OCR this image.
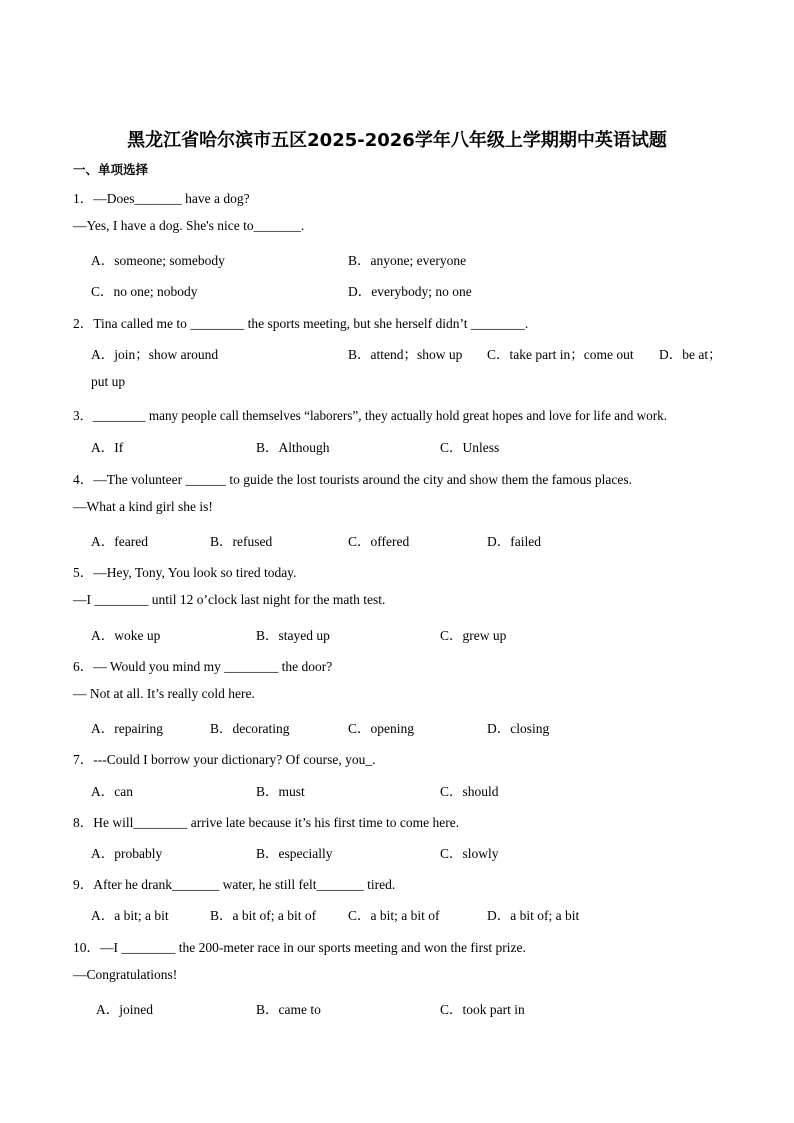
黑龙江省哈尔滨市五区2025-2026学年八年级上学期期中英语试题
一、单项选择
1．—Does_______ have a dog?
—Yes, I have a dog. She's nice to_______.
A．someone; somebody	B．anyone; everyone
C．no one; nobody	D．everybody; no one
2．Tina called me to ________ the sports meeting, but she herself didn’t ________.
A．join；show around	B．attend；show up C．take part in；come out D．be at；
put up
3．________ many people call themselves “laborers”, they actually hold great hopes and love for life and work.
A．If	B．Although	C．Unless
4．—The volunteer ______ to guide the lost tourists around the city and show them the famous places.
—What a kind girl she is!
A．feared	B．refused	C．offered	D．failed
5．—Hey, Tony, You look so tired today.
—I ________ until 12 o’clock last night for the math test.
A．woke up	B．stayed up	C．grew up
6．— Would you mind my ________ the door?
— Not at all. It’s really cold here.
A．repairing	B．decorating	C．opening	D．closing
7．---Could I borrow your dictionary? Of course, you_.
A．can	B．must	C．should
8．He will________ arrive late because it’s his first time to come here.
A．probably	B．especially	C．slowly
9．After he drank_______ water, he still felt_______ tired.
A．a bit; a bit	B．a bit of; a bit of C．a bit; a bit of	D．a bit of; a bit
10．—I ________ the 200-meter race in our sports meeting and won the first prize.
—Congratulations!
A．joined	B．came to	C．took part in
